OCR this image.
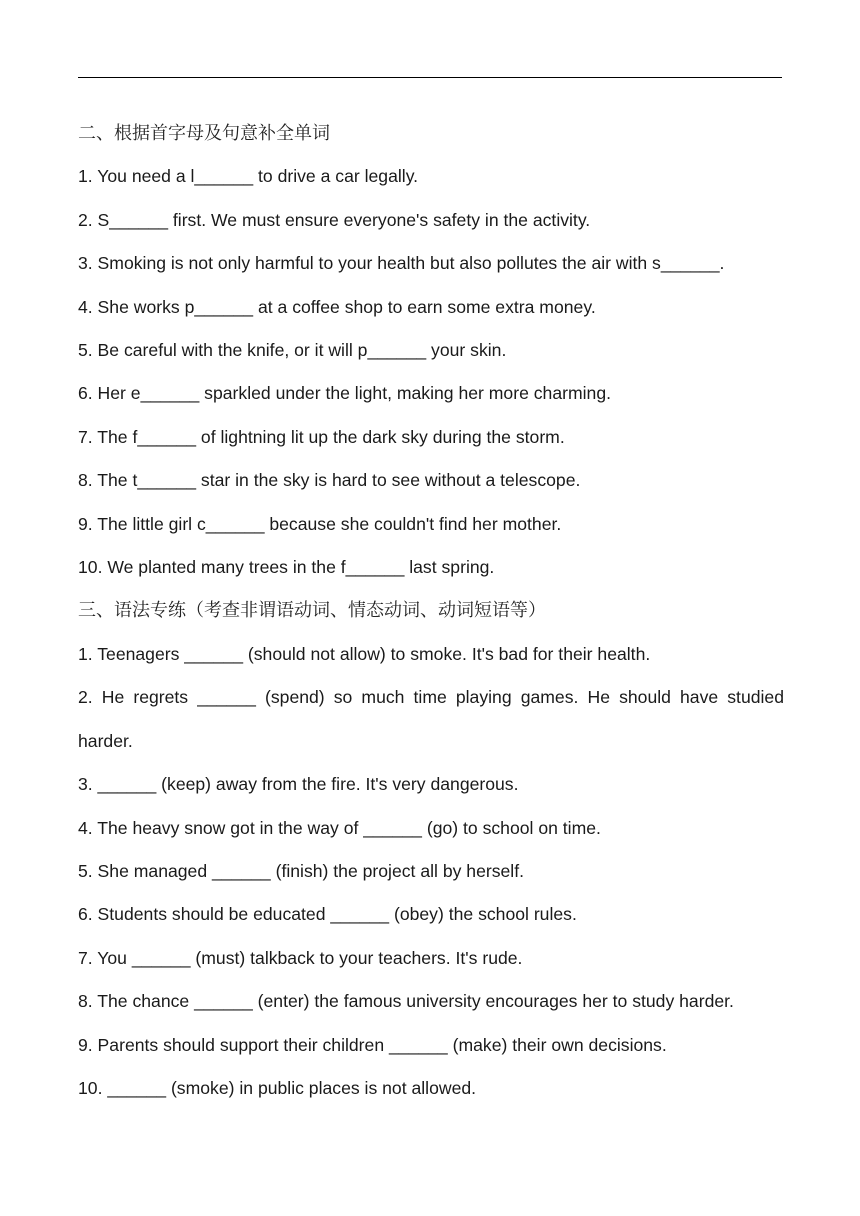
二、根据首字母及句意补全单词

1. You need a l______ to drive a car legally.

2. S______ first. We must ensure everyone's safety in the activity.

3. Smoking is not only harmful to your health but also pollutes the air with s______.

4. She works p______ at a coffee shop to earn some extra money.

5. Be careful with the knife, or it will p______ your skin.

6. Her e______ sparkled under the light, making her more charming.

7. The f______ of lightning lit up the dark sky during the storm.

8. The t______ star in the sky is hard to see without a telescope.

9. The little girl c______ because she couldn't find her mother.

10. We planted many trees in the f______ last spring.

三、语法专练（考查非谓语动词、情态动词、动词短语等）

1. Teenagers ______ (should not allow) to smoke. It's bad for their health.

2. He regrets ______ (spend) so much time playing games. He should have studied harder.

3. ______ (keep) away from the fire. It's very dangerous.

4. The heavy snow got in the way of ______ (go) to school on time.

5. She managed ______ (finish) the project all by herself.

6. Students should be educated ______ (obey) the school rules.

7. You ______ (must) talkback to your teachers. It's rude.

8. The chance ______ (enter) the famous university encourages her to study harder.

9. Parents should support their children ______ (make) their own decisions.

10. ______ (smoke) in public places is not allowed.
